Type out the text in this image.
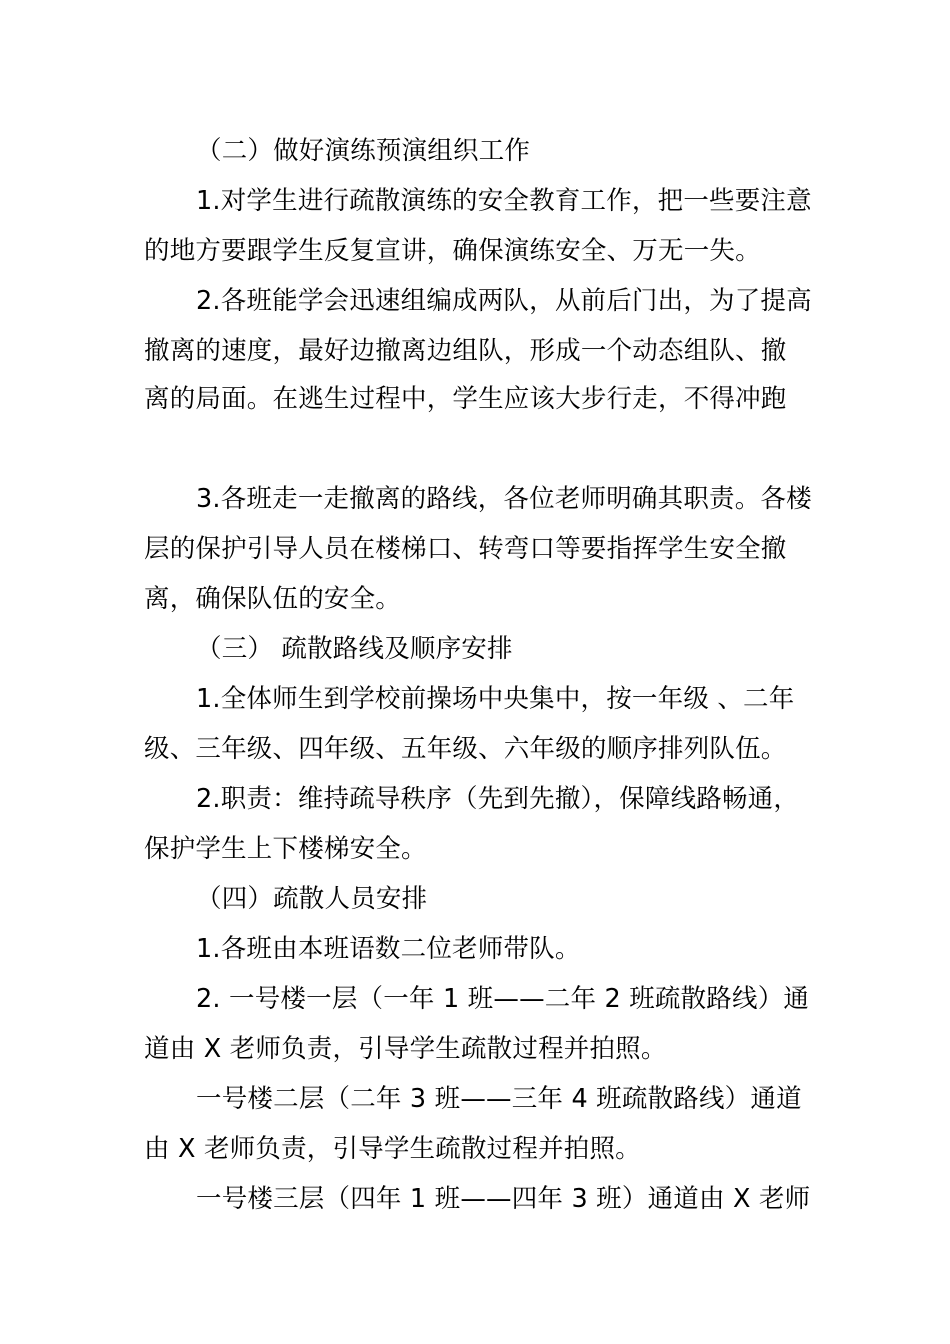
（二）做好演练预演组织工作
1.对学生进行疏散演练的安全教育工作，把一些要注意
的地方要跟学生反复宣讲，确保演练安全、万无一失。
2.各班能学会迅速组编成两队，从前后门出，为了提高
撤离的速度，最好边撤离边组队，形成一个动态组队、撤
离的局面。在逃生过程中，学生应该大步行走，不得冲跑
3.各班走一走撤离的路线，各位老师明确其职责。各楼
层的保护引导人员在楼梯口、转弯口等要指挥学生安全撤
离，确保队伍的安全。
（三） 疏散路线及顺序安排
1.全体师生到学校前操场中央集中，按一年级 、二年
级、三年级、四年级、五年级、六年级的顺序排列队伍。
2.职责：维持疏导秩序（先到先撤），保障线路畅通，
保护学生上下楼梯安全。
（四）疏散人员安排
1.各班由本班语数二位老师带队。
2. 一号楼一层（一年 1 班——二年 2 班疏散路线）通
道由 X 老师负责，引导学生疏散过程并拍照。
一号楼二层（二年 3 班——三年 4 班疏散路线）通道
由 X 老师负责，引导学生疏散过程并拍照。
一号楼三层（四年 1 班——四年 3 班）通道由 X 老师
